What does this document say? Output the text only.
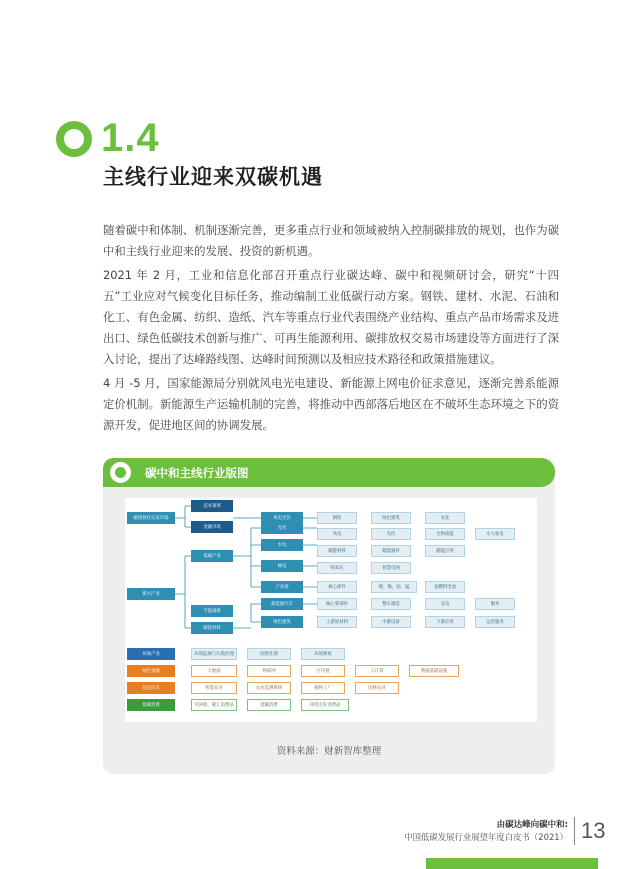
1.4
主线行业迎来双碳机遇

随着碳中和体制、机制逐渐完善，更多重点行业和领域被纳入控制碳排放的规划，也作为碳中和主线行业迎来的发展、投资的新机遇。

2021 年 2 月，工业和信息化部召开重点行业碳达峰、碳中和视频研讨会，研究“十四五”工业应对气候变化目标任务，推动编制工业低碳行动方案。钢铁、建材、水泥、石油和化工、有色金属、纺织、造纸、汽车等重点行业代表围绕产业结构、重点产品市场需求及进出口、绿色低碳技术创新与推广、可再生能源利用、碳排放权交易市场建设等方面进行了深入讨论，提出了达峰路线图、达峰时间预测以及相应技术路径和政策措施建议。

4 月 -5 月，国家能源局分别就风电光电建设、新能源上网电价征求意见，逐渐完善系能源定价机制。新能源生产运输机制的完善，将推动中西部落后地区在不破坏生态环境之下的资源开发，促进地区间的协调发展。

碳中和主线行业版图
碳排放权交易市场
新兴产业
技术领域
金融市场
低碳产业
节能减排
储能材料
风电光伏
光伏
水电
核电
产业链
新能源汽车
绿色建筑
钢铁	绿色建筑	农业
风电	光伏	生物质能	水力发电
储能材料	储能器件	储能应用
特高压	智慧电网
核心部件	锂、镍、钴、锰	氢燃料电池
核心零部件	整车制造	充电	服务
上游原材料	中游设备	下游应用	运营服务
环保产业	环境监测与污染治理	固废处理	环境修复
绿色金融	大数据	物联网	区块链	云计算	数据基础设施
信息技术	智能农业	农业监测系统	植物工厂	园林农业
低碳消费	可回收、碳汇消费品	低碳消费	环境友好消费品
资料来源：财新智库整理
由碳达峰向碳中和:
中国低碳发展行业展望年度白皮书（2021） 13
